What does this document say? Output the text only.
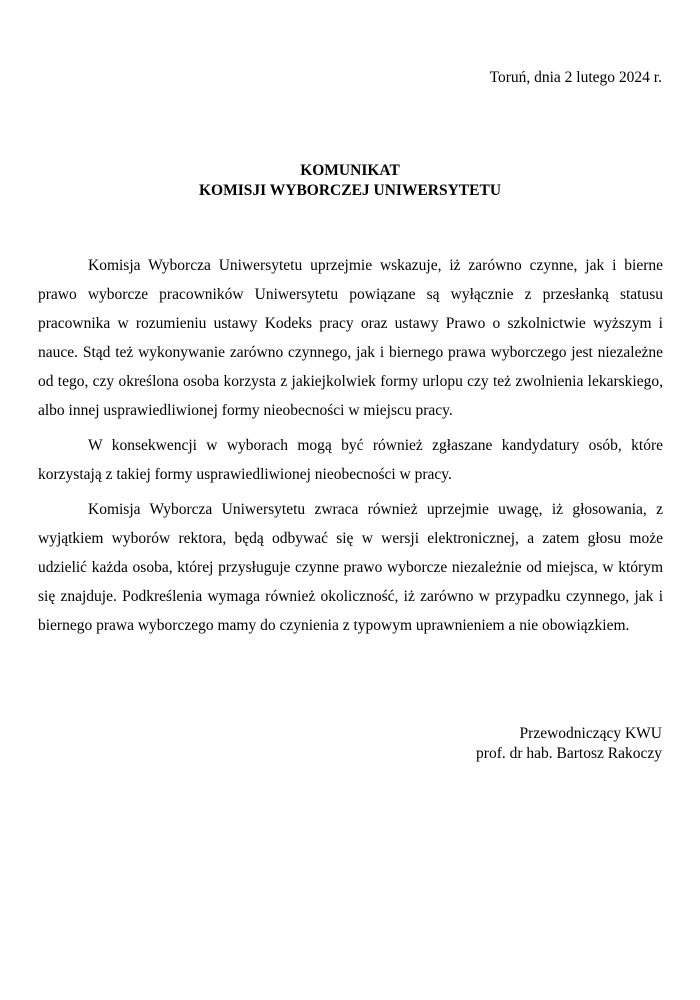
Toruń, dnia 2 lutego 2024 r.
KOMUNIKAT
KOMISJI WYBORCZEJ UNIWERSYTETU

Komisja Wyborcza Uniwersytetu uprzejmie wskazuje, iż zarówno czynne, jak i bierne prawo wyborcze pracowników Uniwersytetu powiązane są wyłącznie z przesłanką statusu pracownika w rozumieniu ustawy Kodeks pracy oraz ustawy Prawo o szkolnictwie wyższym i nauce. Stąd też wykonywanie zarówno czynnego, jak i biernego prawa wyborczego jest niezależne od tego, czy określona osoba korzysta z jakiejkolwiek formy urlopu czy też zwolnienia lekarskiego, albo innej usprawiedliwionej formy nieobecności w miejscu pracy.

W konsekwencji w wyborach mogą być również zgłaszane kandydatury osób, które korzystają z takiej formy usprawiedliwionej nieobecności w pracy.

Komisja Wyborcza Uniwersytetu zwraca również uprzejmie uwagę, iż głosowania, z wyjątkiem wyborów rektora, będą odbywać się w wersji elektronicznej, a zatem głosu może udzielić każda osoba, której przysługuje czynne prawo wyborcze niezależnie od miejsca, w którym się znajduje. Podkreślenia wymaga również okoliczność, iż zarówno w przypadku czynnego, jak i biernego prawa wyborczego mamy do czynienia z typowym uprawnieniem a nie obowiązkiem.

Przewodniczący KWU
prof. dr hab. Bartosz Rakoczy
